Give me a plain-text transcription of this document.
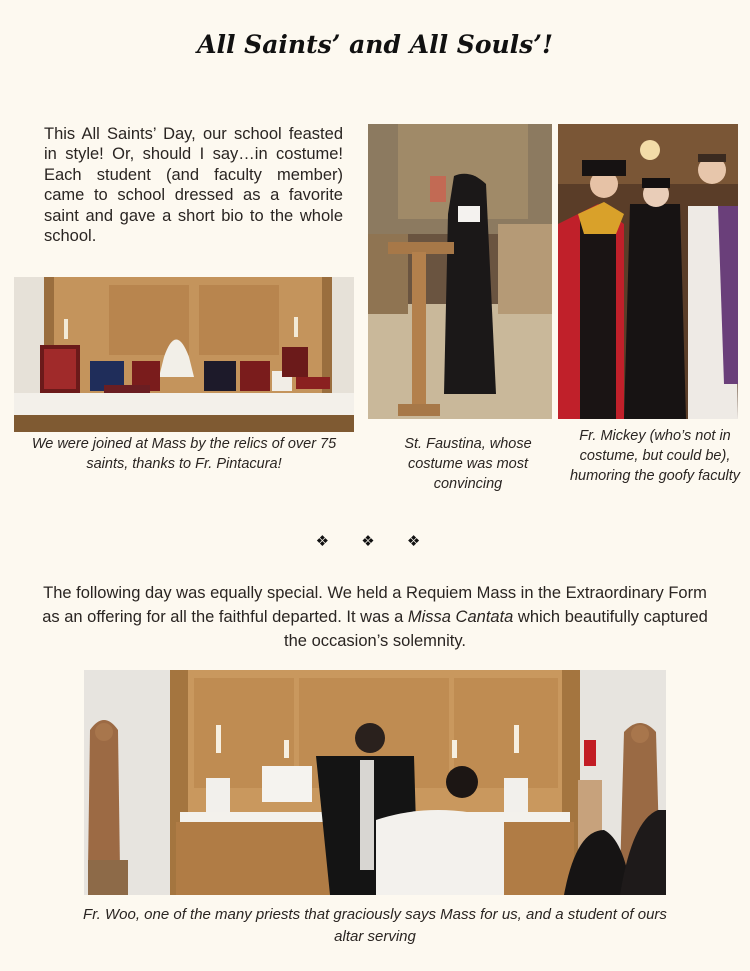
All Saints’ and All Souls’!
This All Saints’ Day, our school feasted in style! Or, should I say…in costume! Each student (and faculty member) came to school dressed as a favorite saint and gave a short bio to the whole school.
We were joined at Mass by the relics of over 75 saints, thanks to Fr. Pintacura!
St. Faustina, whose costume was most convincing
Fr. Mickey (who’s not in costume, but could be), humoring the goofy faculty
❖ ❖ ❖
The following day was equally special. We held a Requiem Mass in the Extraordinary Form as an offering for all the faithful departed. It was a Missa Cantata which beautifully captured the occasion’s solemnity.
Fr. Woo, one of the many priests that graciously says Mass for us, and a student of ours altar serving
